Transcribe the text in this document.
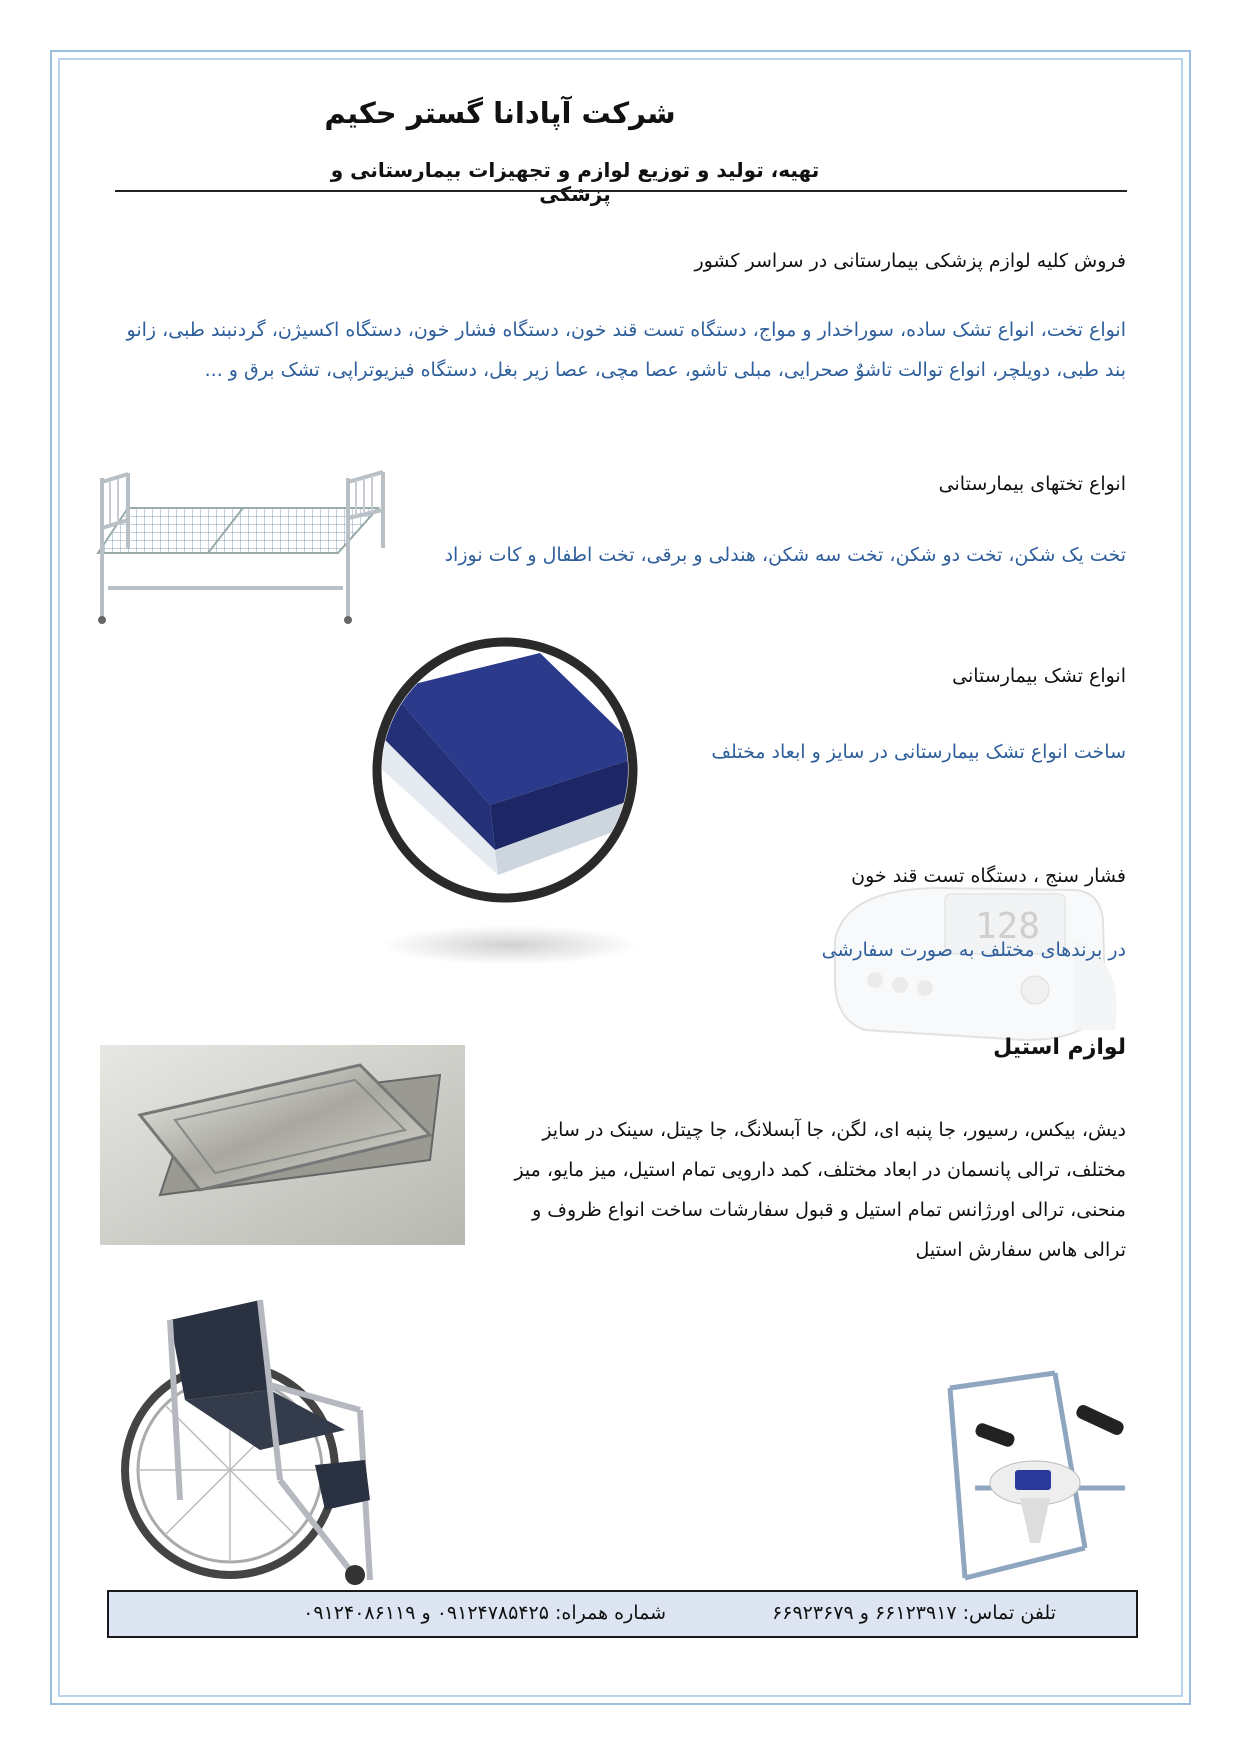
شرکت آپادانا گستر حکیم
تهیه، تولید و توزیع لوازم و تجهیزات بیمارستانی و پزشکی
فروش کلیه لوازم پزشکی بیمارستانی در سراسر کشور
انواع تخت، انواع تشک ساده، سوراخدار و مواج، دستگاه تست قند خون، دستگاه فشار خون، دستگاه اکسیژن، گردنبند طبی، زانو
بند طبی، دویلچر، انواع توالت تاشوٌ صحرایی، مبلی تاشو، عصا مچی، عصا زیر بغل، دستگاه فیزیوتراپی، تشک برق و ...
انواع تختهای بیمارستانی
تخت یک شکن، تخت دو شکن، تخت سه شکن، هندلی و برقی، تخت اطفال و کات نوزاد
انواع تشک بیمارستانی
ساخت انواع تشک بیمارستانی در سایز و ابعاد مختلف
128
فشار سنج ، دستگاه تست قند خون
در برندهای مختلف به صورت سفارشی
لوازم استیل
دیش، بیکس، رسیور، جا پنبه ای، لگن، جا آبسلانگ، جا چیتل، سینک در سایز
مختلف، ترالی پانسمان در ابعاد مختلف، کمد دارویی تمام استیل، میز مایو، میز
منحنی، ترالی اورژانس تمام استیل و قبول سفارشات ساخت انواع ظروف و
ترالی هاس سفارش استیل
تلفن تماس: ۶۶۱۲۳۹۱۷ و ۶۶۹۲۳۶۷۹
شماره همراه: ۰۹۱۲۴۷۸۵۴۲۵ و ۰۹۱۲۴۰۸۶۱۱۹
